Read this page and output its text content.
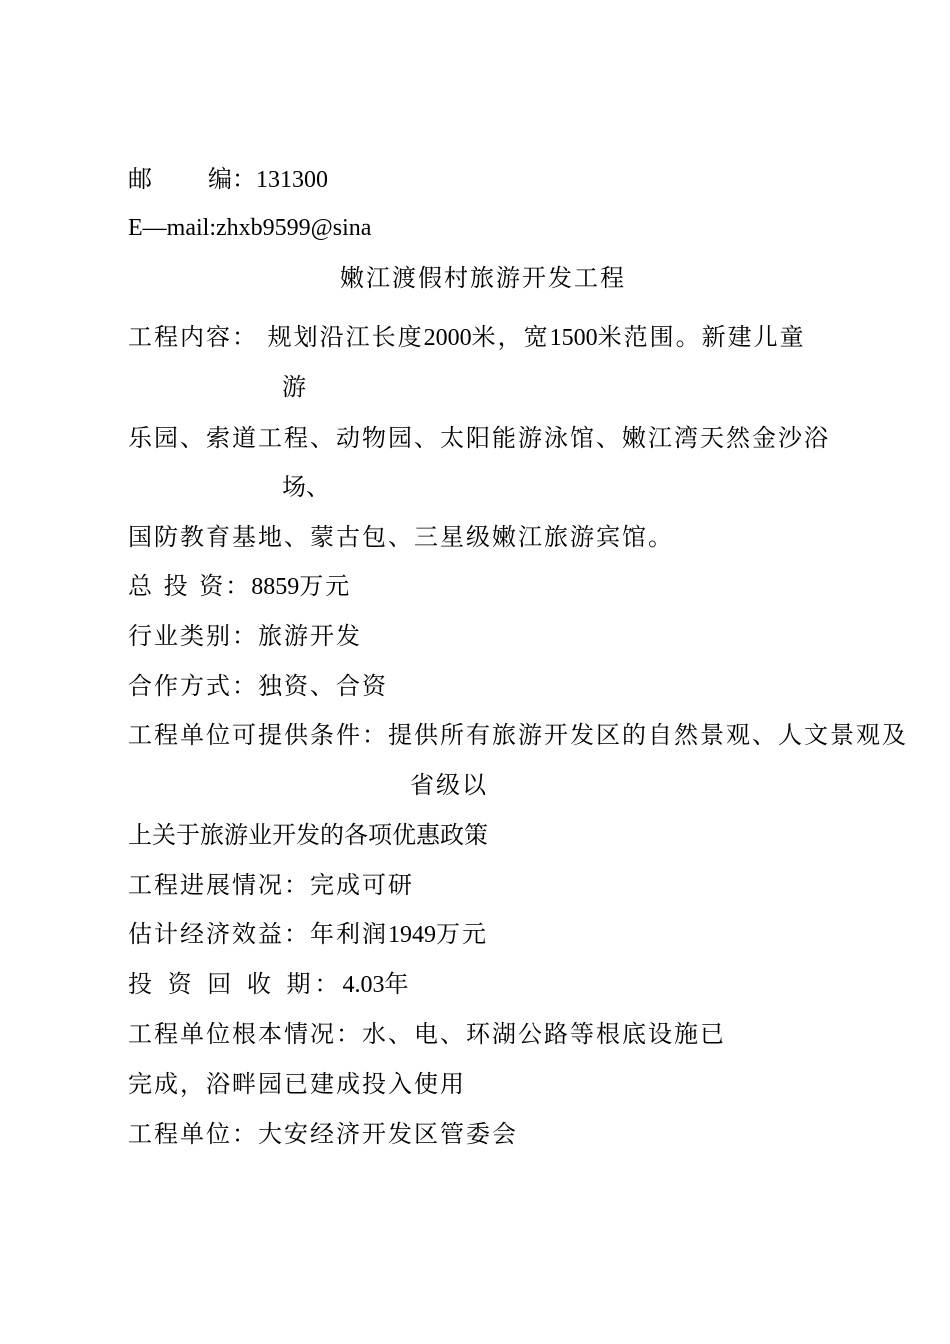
邮 编：131300
E—mail:zhxb9599@sina
嫩江渡假村旅游开发工程
工程内容： 规划沿江长度2000米，宽1500米范围。新建儿童
游
乐园、索道工程、动物园、太阳能游泳馆、嫩江湾天然金沙浴
场、
国防教育基地、蒙古包、三星级嫩江旅游宾馆。
总 投 资：8859万元
行业类别：旅游开发
合作方式：独资、合资
工程单位可提供条件：提供所有旅游开发区的自然景观、人文景观及
省级以
上关于旅游业开发的各项优惠政策
工程进展情况：完成可研
估计经济效益：年利润1949万元
投 资 回 收 期：4.03年
工程单位根本情况：水、电、环湖公路等根底设施已
完成，浴畔园已建成投入使用
工程单位：大安经济开发区管委会
